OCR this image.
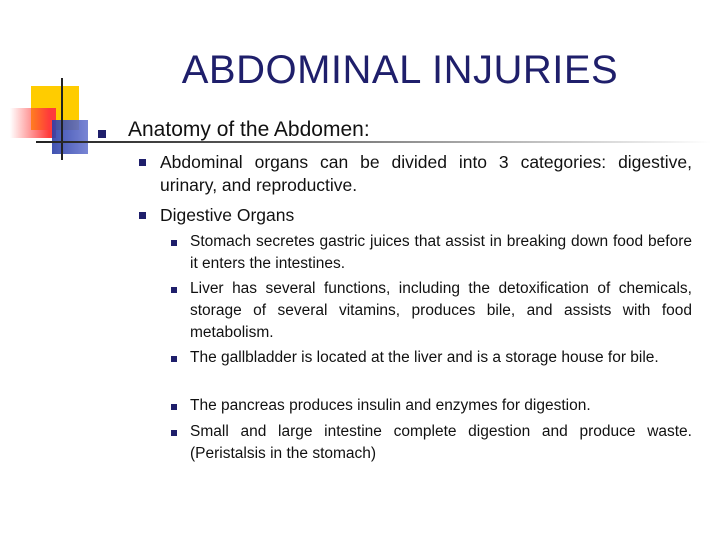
ABDOMINAL INJURIES
Anatomy of the Abdomen:
Abdominal organs can be divided into 3 categories: digestive, urinary, and reproductive.
Digestive Organs
Stomach secretes gastric juices that assist in breaking down food before it enters the intestines.
Liver has several functions, including the detoxification of chemicals, storage of several vitamins, produces bile, and assists with food metabolism.
The gallbladder is located at the liver and is a storage house for bile.
The pancreas produces insulin and enzymes for digestion.
Small and large intestine complete digestion and produce waste. (Peristalsis in the stomach)
